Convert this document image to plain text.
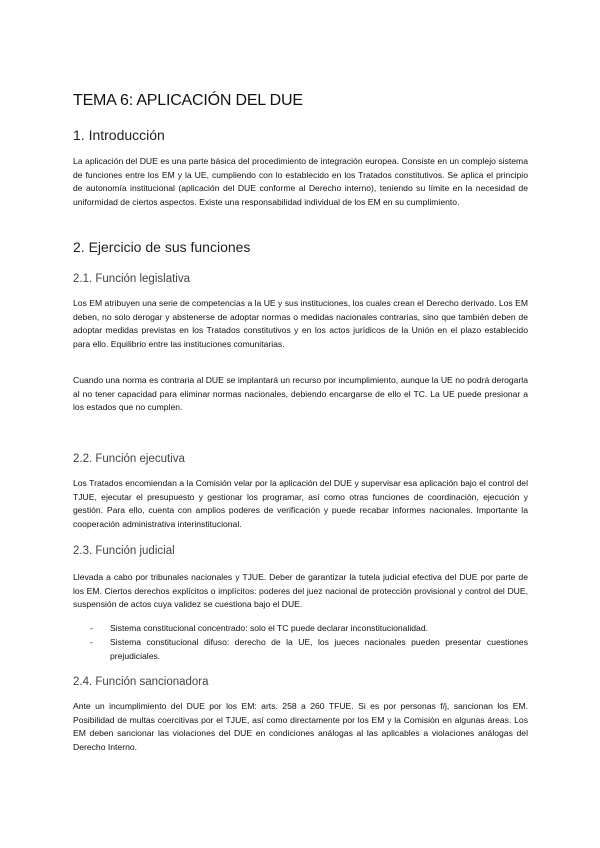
TEMA 6: APLICACIÓN DEL DUE
1. Introducción
La aplicación del DUE es una parte básica del procedimiento de integración europea. Consiste en un complejo sistema de funciones entre los EM y la UE, cumpliendo con lo establecido en los Tratados constitutivos. Se aplica el principio de autonomía institucional (aplicación del DUE conforme al Derecho interno), teniendo su límite en la necesidad de uniformidad de ciertos aspectos. Existe una responsabilidad individual de los EM en su cumplimiento.
2. Ejercicio de sus funciones
2.1. Función legislativa
Los EM atribuyen una serie de competencias a la UE y sus instituciones, los cuales crean el Derecho derivado. Los EM deben, no solo derogar y abstenerse de adoptar normas o medidas nacionales contrarias, sino que también deben de adoptar medidas previstas en los Tratados constitutivos y en los actos jurídicos de la Unión en el plazo establecido para ello. Equilibrio entre las instituciones comunitarias.
Cuando una norma es contraria al DUE se implantará un recurso por incumplimiento, aunque la UE no podrá derogarla al no tener capacidad para eliminar normas nacionales, debiendo encargarse de ello el TC. La UE puede presionar a los estados que no cumplen.
2.2. Función ejecutiva
Los Tratados encomiendan a la Comisión velar por la aplicación del DUE y supervisar esa aplicación bajo el control del TJUE, ejecutar el presupuesto y gestionar los programar, así como otras funciones de coordinación, ejecución y gestión. Para ello, cuenta con amplios poderes de verificación y puede recabar informes nacionales. Importante la cooperación administrativa interinstitucional.
2.3. Función judicial
Llevada a cabo por tribunales nacionales y TJUE. Deber de garantizar la tutela judicial efectiva del DUE por parte de los EM. Ciertos derechos explícitos o implícitos: poderes del juez nacional de protección provisional y control del DUE, suspensión de actos cuya validez se cuestiona bajo el DUE.
- Sistema constitucional concentrado: solo el TC puede declarar inconstitucionalidad.
- Sistema constitucional difuso: derecho de la UE, los jueces nacionales pueden presentar cuestiones prejudiciales.
2.4. Función sancionadora
Ante un incumplimiento del DUE por los EM: arts. 258 a 260 TFUE. Si es por personas f/j, sancionan los EM. Posibilidad de multas coercitivas por el TJUE, así como directamente por los EM y la Comisión en algunas áreas. Los EM deben sancionar las violaciones del DUE en condiciones análogas al las aplicables a violaciones análogas del Derecho Interno.
